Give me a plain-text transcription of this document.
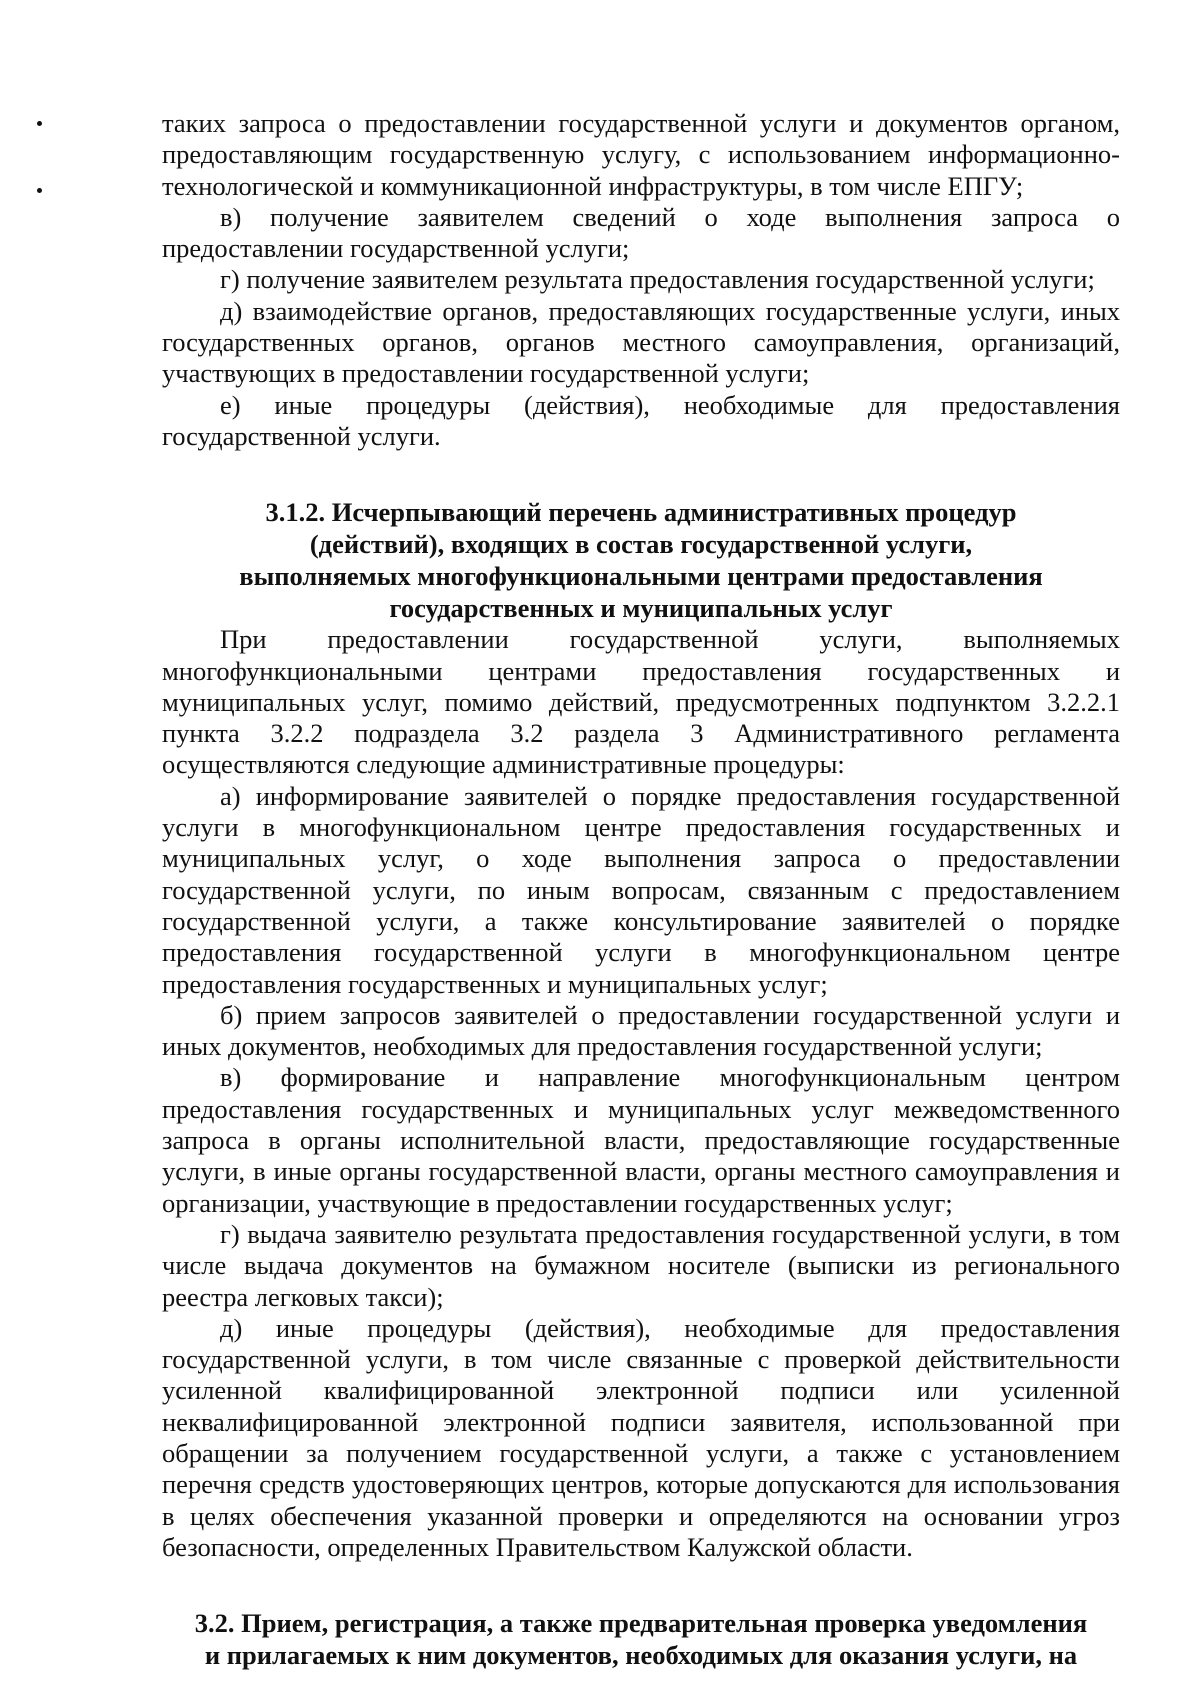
таких запроса о предоставлении государственной услуги и документов органом, предоставляющим государственную услугу, с использованием информационно-технологической и коммуникационной инфраструктуры, в том числе ЕПГУ;

в) получение заявителем сведений о ходе выполнения запроса о предоставлении государственной услуги;

г) получение заявителем результата предоставления государственной услуги;

д) взаимодействие органов, предоставляющих государственные услуги, иных государственных органов, органов местного самоуправления, организаций, участвующих в предоставлении государственной услуги;

е) иные процедуры (действия), необходимые для предоставления государственной услуги.

3.1.2. Исчерпывающий перечень административных процедур
(действий), входящих в состав государственной услуги,
выполняемых многофункциональными центрами предоставления
государственных и муниципальных услуг

При предоставлении государственной услуги, выполняемых многофункциональными центрами предоставления государственных и муниципальных услуг, помимо действий, предусмотренных подпунктом 3.2.2.1 пункта 3.2.2 подраздела 3.2 раздела 3 Административного регламента осуществляются следующие административные процедуры:

а) информирование заявителей о порядке предоставления государственной услуги в многофункциональном центре предоставления государственных и муниципальных услуг, о ходе выполнения запроса о предоставлении государственной услуги, по иным вопросам, связанным с предоставлением государственной услуги, а также консультирование заявителей о порядке предоставления государственной услуги в многофункциональном центре предоставления государственных и муниципальных услуг;

б) прием запросов заявителей о предоставлении государственной услуги и иных документов, необходимых для предоставления государственной услуги;

в) формирование и направление многофункциональным центром предоставления государственных и муниципальных услуг межведомственного запроса в органы исполнительной власти, предоставляющие государственные услуги, в иные органы государственной власти, органы местного самоуправления и организации, участвующие в предоставлении государственных услуг;

г) выдача заявителю результата предоставления государственной услуги, в том числе выдача документов на бумажном носителе (выписки из регионального реестра легковых такси);

д) иные процедуры (действия), необходимые для предоставления государственной услуги, в том числе связанные с проверкой действительности усиленной квалифицированной электронной подписи или усиленной неквалифицированной электронной подписи заявителя, использованной при обращении за получением государственной услуги, а также с установлением перечня средств удостоверяющих центров, которые допускаются для использования в целях обеспечения указанной проверки и определяются на основании угроз безопасности, определенных Правительством Калужской области.

3.2. Прием, регистрация, а также предварительная проверка уведомления
и прилагаемых к ним документов, необходимых для оказания услуги, на
